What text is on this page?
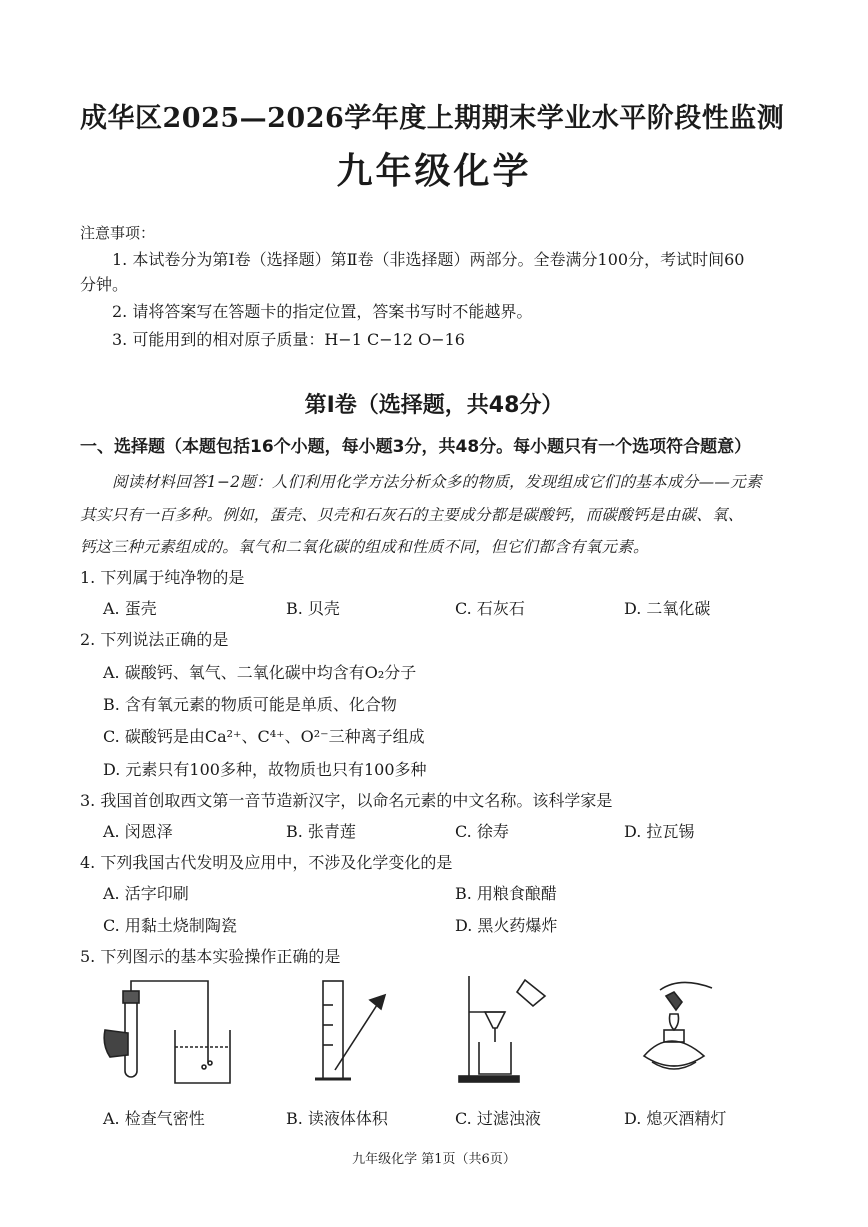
成华区2025—2026学年度上期期末学业水平阶段性监测
九年级化学
注意事项：
1. 本试卷分为第Ⅰ卷（选择题）第Ⅱ卷（非选择题）两部分。全卷满分100分，考试时间60
分钟。
2. 请将答案写在答题卡的指定位置，答案书写时不能越界。
3. 可能用到的相对原子质量：H−1 C−12 O−16
第Ⅰ卷（选择题，共48分）
一、选择题（本题包括16个小题，每小题3分，共48分。每小题只有一个选项符合题意）
阅读材料回答1−2题：人们利用化学方法分析众多的物质，发现组成它们的基本成分——元素
其实只有一百多种。例如，蛋壳、贝壳和石灰石的主要成分都是碳酸钙，而碳酸钙是由碳、氧、
钙这三种元素组成的。氧气和二氧化碳的组成和性质不同，但它们都含有氧元素。
1. 下列属于纯净物的是
A. 蛋壳	B. 贝壳	C. 石灰石	D. 二氧化碳
2. 下列说法正确的是
A. 碳酸钙、氧气、二氧化碳中均含有O₂分子
B. 含有氧元素的物质可能是单质、化合物
C. 碳酸钙是由Ca²⁺、C⁴⁺、O²⁻三种离子组成
D. 元素只有100多种，故物质也只有100多种
3. 我国首创取西文第一音节造新汉字，以命名元素的中文名称。该科学家是
A. 闵恩泽	B. 张青莲	C. 徐寿	D. 拉瓦锡
4. 下列我国古代发明及应用中，不涉及化学变化的是
A. 活字印刷	B. 用粮食酿醋
C. 用黏土烧制陶瓷	D. 黑火药爆炸
5. 下列图示的基本实验操作正确的是
A. 检查气密性	B. 读液体体积	C. 过滤浊液	D. 熄灭酒精灯
九年级化学 第1页（共6页）
